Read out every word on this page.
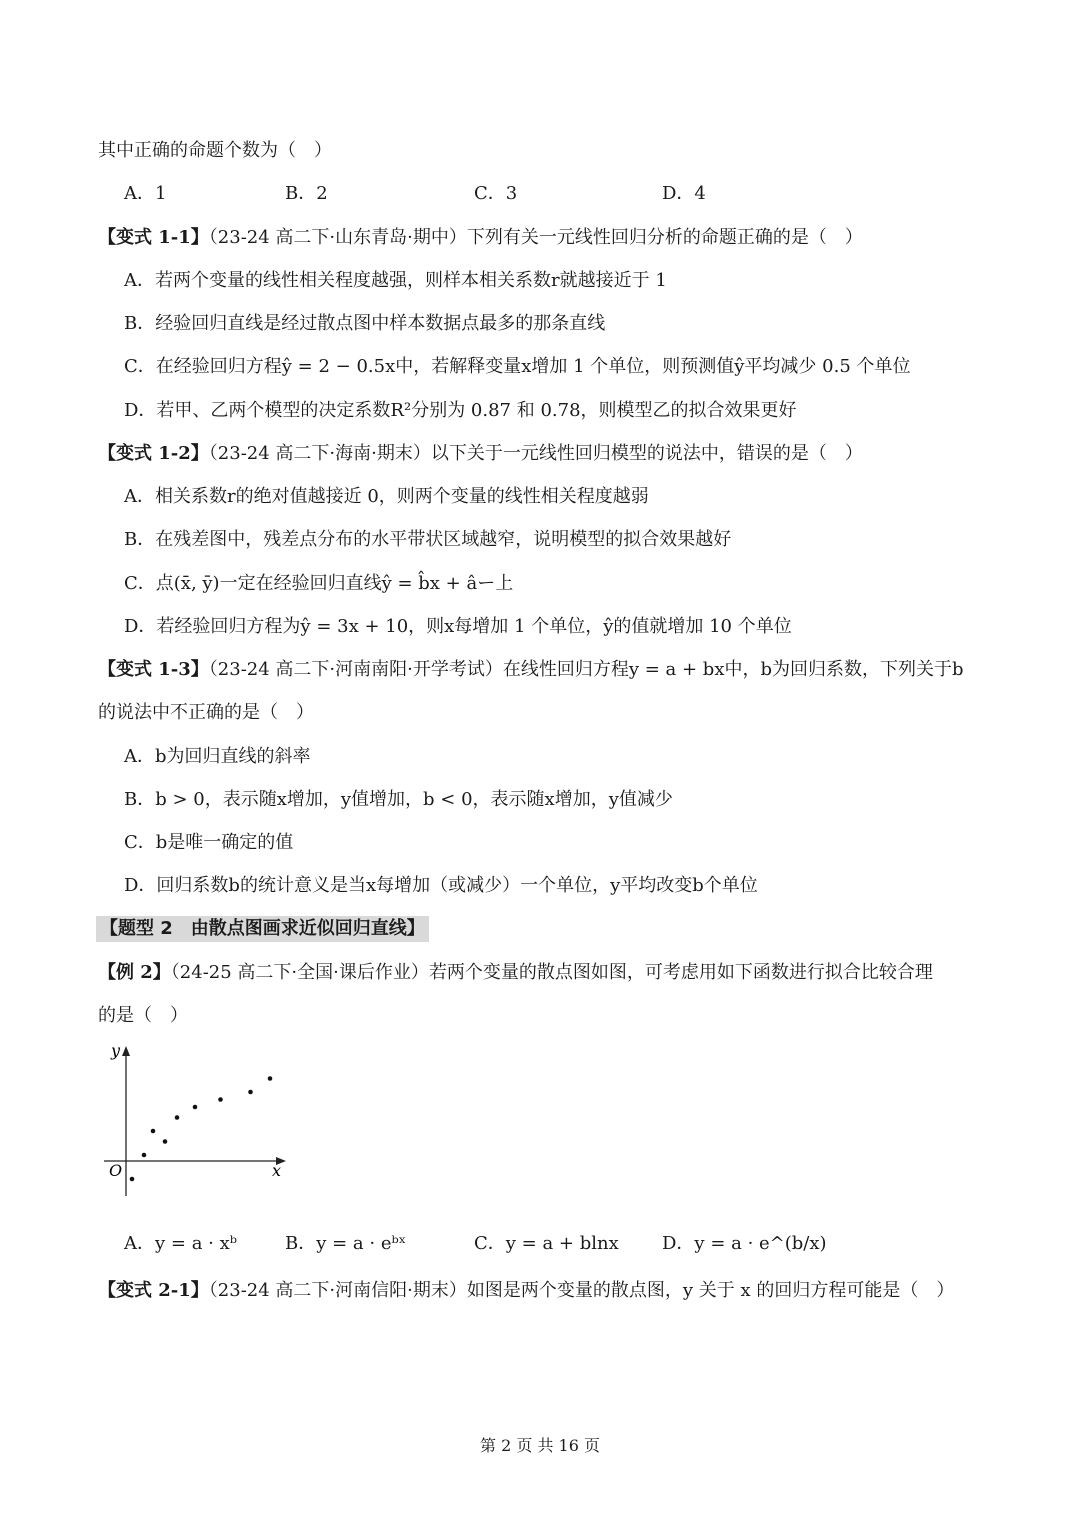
其中正确的命题个数为（　）
A．1	B．2	C．3	D．4
【变式 1-1】（23-24 高二下·山东青岛·期中）下列有关一元线性回归分析的命题正确的是（　）
A．若两个变量的线性相关程度越强，则样本相关系数r就越接近于 1
B．经验回归直线是经过散点图中样本数据点最多的那条直线
C．在经验回归方程ŷ = 2 − 0.5x中，若解释变量x增加 1 个单位，则预测值ŷ平均减少 0.5 个单位
D．若甲、乙两个模型的决定系数R²分别为 0.87 和 0.78，则模型乙的拟合效果更好
【变式 1-2】（23-24 高二下·海南·期末）以下关于一元线性回归模型的说法中，错误的是（　）
A．相关系数r的绝对值越接近 0，则两个变量的线性相关程度越弱
B．在残差图中，残差点分布的水平带状区域越窄，说明模型的拟合效果越好
C．点(x̄, ȳ)一定在经验回归直线ŷ = b̂x + âー上
D．若经验回归方程为ŷ = 3x + 10，则x每增加 1 个单位，ŷ的值就增加 10 个单位
【变式 1-3】（23-24 高二下·河南南阳·开学考试）在线性回归方程y = a + bx中，b为回归系数，下列关于b
的说法中不正确的是（　）
A．b为回归直线的斜率
B．b > 0，表示随x增加，y值增加，b < 0，表示随x增加，y值减少
C．b是唯一确定的值
D．回归系数b的统计意义是当x每增加（或减少）一个单位，y平均改变b个单位
【题型 2　由散点图画求近似回归直线】
【例 2】（24-25 高二下·全国·课后作业）若两个变量的散点图如图，可考虑用如下函数进行拟合比较合理
的是（　）
y
x
O
A．y = a · xᵇ	B．y = a · eᵇˣ	C．y = a + blnx D．y = a · e^(b/x)
【变式 2-1】（23-24 高二下·河南信阳·期末）如图是两个变量的散点图，y 关于 x 的回归方程可能是（　）
第 2 页 共 16 页
